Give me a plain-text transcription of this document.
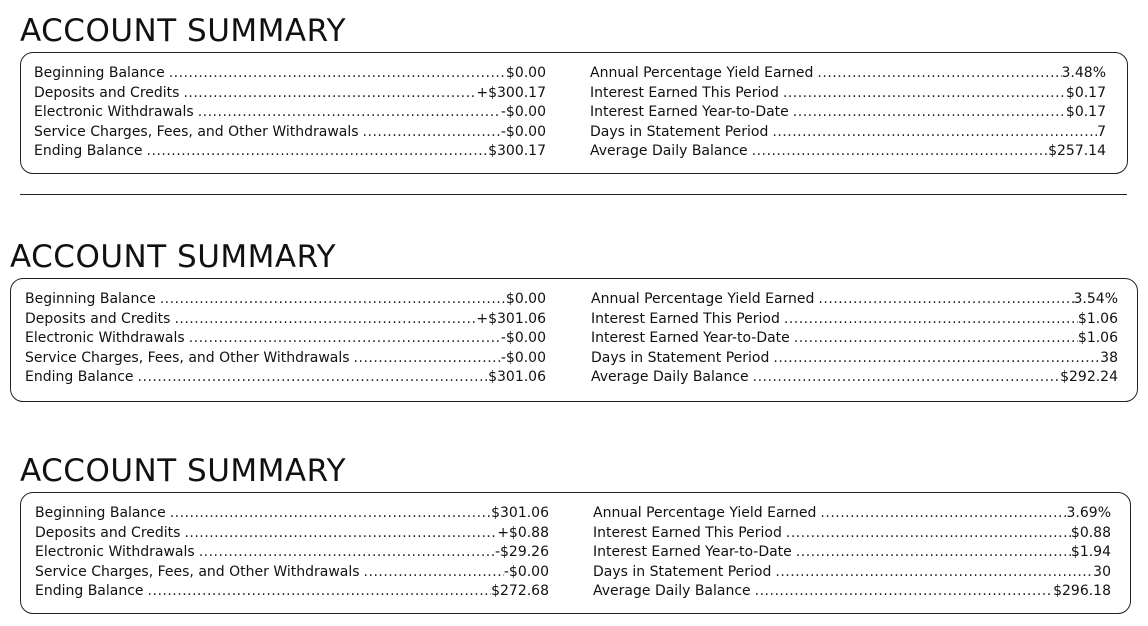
ACCOUNT SUMMARY
Beginning Balance .....	$0.00
Deposits and Credits .....	+$300.17
Electronic Withdrawals .....	-$0.00
Service Charges, Fees, and Other Withdrawals .....	-$0.00
Ending Balance .....	$300.17
Annual Percentage Yield Earned .....	3.48%
Interest Earned This Period .....	$0.17
Interest Earned Year-to-Date .....	$0.17
Days in Statement Period .....	7
Average Daily Balance .....	$257.14
ACCOUNT SUMMARY
Beginning Balance .....	$0.00
Deposits and Credits .....	+$301.06
Electronic Withdrawals .....	-$0.00
Service Charges, Fees, and Other Withdrawals .....	-$0.00
Ending Balance .....	$301.06
Annual Percentage Yield Earned .....	3.54%
Interest Earned This Period .....	$1.06
Interest Earned Year-to-Date .....	$1.06
Days in Statement Period .....	38
Average Daily Balance .....	$292.24
ACCOUNT SUMMARY
Beginning Balance .....	$301.06
Deposits and Credits .....	+$0.88
Electronic Withdrawals .....	-$29.26
Service Charges, Fees, and Other Withdrawals .....	-$0.00
Ending Balance .....	$272.68
Annual Percentage Yield Earned .....	3.69%
Interest Earned This Period .....	$0.88
Interest Earned Year-to-Date .....	$1.94
Days in Statement Period .....	30
Average Daily Balance .....	$296.18
